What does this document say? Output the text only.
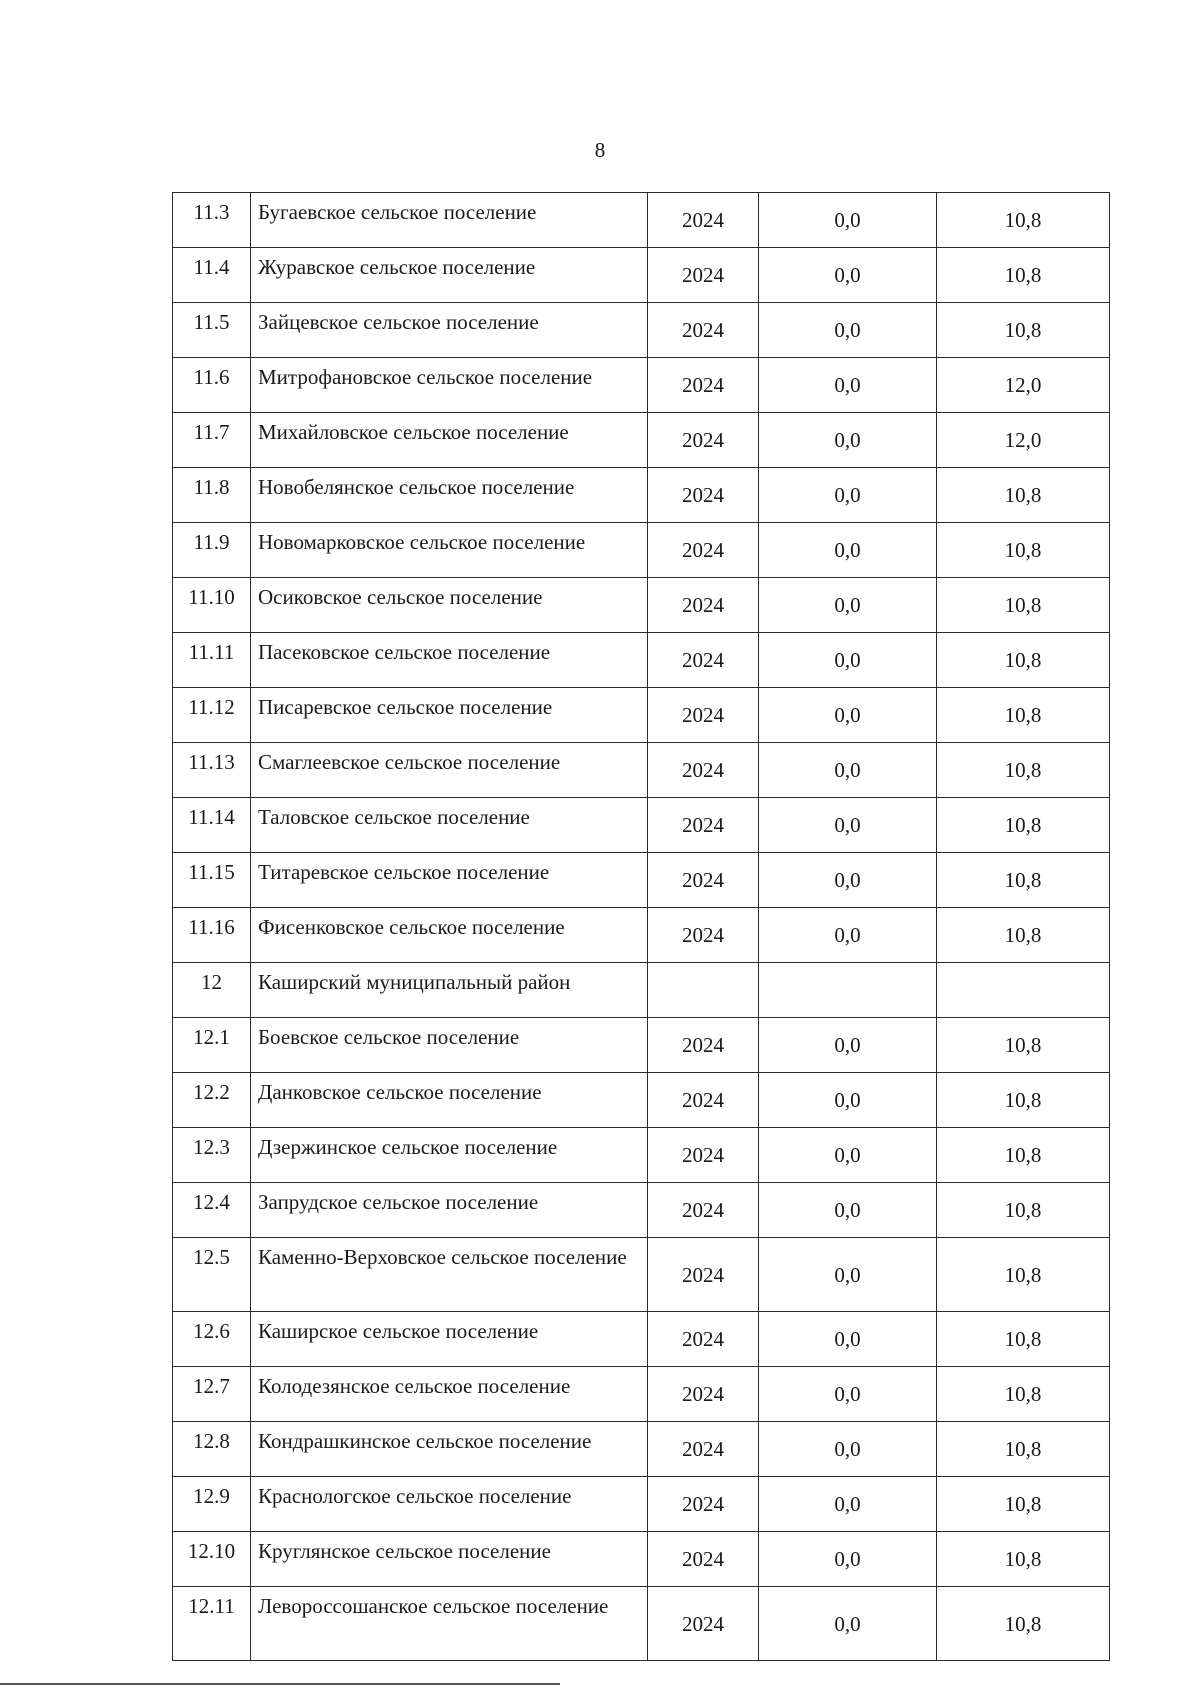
8
11.3	Бугаевское сельское поселение	2024	0,0	10,8
11.4	Журавское сельское поселение	2024	0,0	10,8
11.5	Зайцевское сельское поселение	2024	0,0	10,8
11.6	Митрофановское сельское поселение	2024	0,0	12,0
11.7	Михайловское сельское поселение	2024	0,0	12,0
11.8	Новобелянское сельское поселение	2024	0,0	10,8
11.9	Новомарковское сельское поселение	2024	0,0	10,8
11.10	Осиковское сельское поселение	2024	0,0	10,8
11.11	Пасековское сельское поселение	2024	0,0	10,8
11.12	Писаревское сельское поселение	2024	0,0	10,8
11.13	Смаглеевское сельское поселение	2024	0,0	10,8
11.14	Таловское сельское поселение	2024	0,0	10,8
11.15	Титаревское сельское поселение	2024	0,0	10,8
11.16	Фисенковское сельское поселение	2024	0,0	10,8
12	Каширский муниципальный район			
12.1	Боевское сельское поселение	2024	0,0	10,8
12.2	Данковское сельское поселение	2024	0,0	10,8
12.3	Дзержинское сельское поселение	2024	0,0	10,8
12.4	Запрудское сельское поселение	2024	0,0	10,8
12.5	Каменно-Верховское сельское поселение	2024	0,0	10,8
12.6	Каширское сельское поселение	2024	0,0	10,8
12.7	Колодезянское сельское поселение	2024	0,0	10,8
12.8	Кондрашкинское сельское поселение	2024	0,0	10,8
12.9	Краснологское сельское поселение	2024	0,0	10,8
12.10	Круглянское сельское поселение	2024	0,0	10,8
12.11	Левороссошанское сельское поселение	2024	0,0	10,8
